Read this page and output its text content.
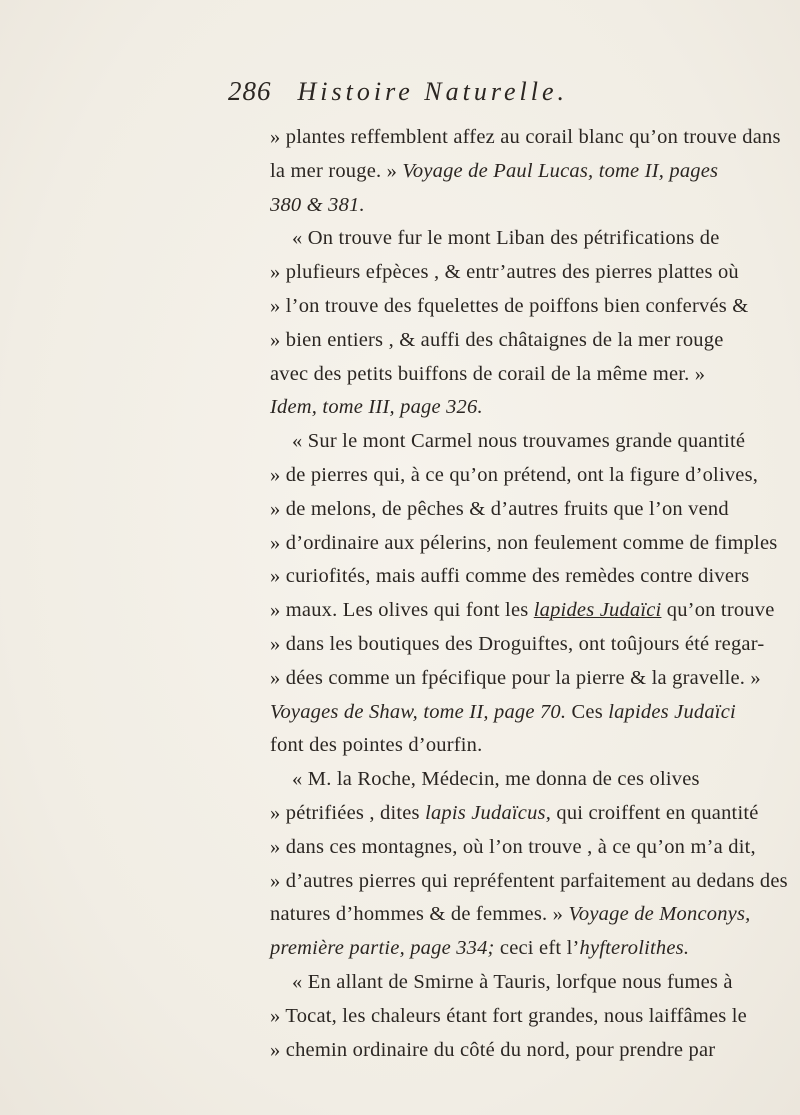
286 Histoire Naturelle.
» plantes reffemblent affez au corail blanc qu’on trouve dans
la mer rouge. » Voyage de Paul Lucas, tome II, pages
380 & 381.
« On trouve fur le mont Liban des pétrifications de
» plufieurs efpèces , & entr’autres des pierres plattes où
» l’on trouve des fquelettes de poiffons bien confervés &
» bien entiers , & auffi des châtaignes de la mer rouge
avec des petits buiffons de corail de la même mer. »
Idem, tome III, page 326.
« Sur le mont Carmel nous trouvames grande quantité
» de pierres qui, à ce qu’on prétend, ont la figure d’olives,
» de melons, de pêches & d’autres fruits que l’on vend
» d’ordinaire aux pélerins, non feulement comme de fimples
» curiofités, mais auffi comme des remèdes contre divers
» maux. Les olives qui font les lapides Judaïci qu’on trouve
» dans les boutiques des Droguiftes, ont toûjours été regar-
» dées comme un fpécifique pour la pierre & la gravelle. »
Voyages de Shaw, tome II, page 70. Ces lapides Judaïci
font des pointes d’ourfin.
« M. la Roche, Médecin, me donna de ces olives
» pétrifiées , dites lapis Judaïcus, qui croiffent en quantité
» dans ces montagnes, où l’on trouve , à ce qu’on m’a dit,
» d’autres pierres qui repréfentent parfaitement au dedans des
natures d’hommes & de femmes. » Voyage de Monconys,
première partie, page 334; ceci eft l’hyfterolithes.
« En allant de Smirne à Tauris, lorfque nous fumes à
» Tocat, les chaleurs étant fort grandes, nous laiffâmes le
» chemin ordinaire du côté du nord, pour prendre par
